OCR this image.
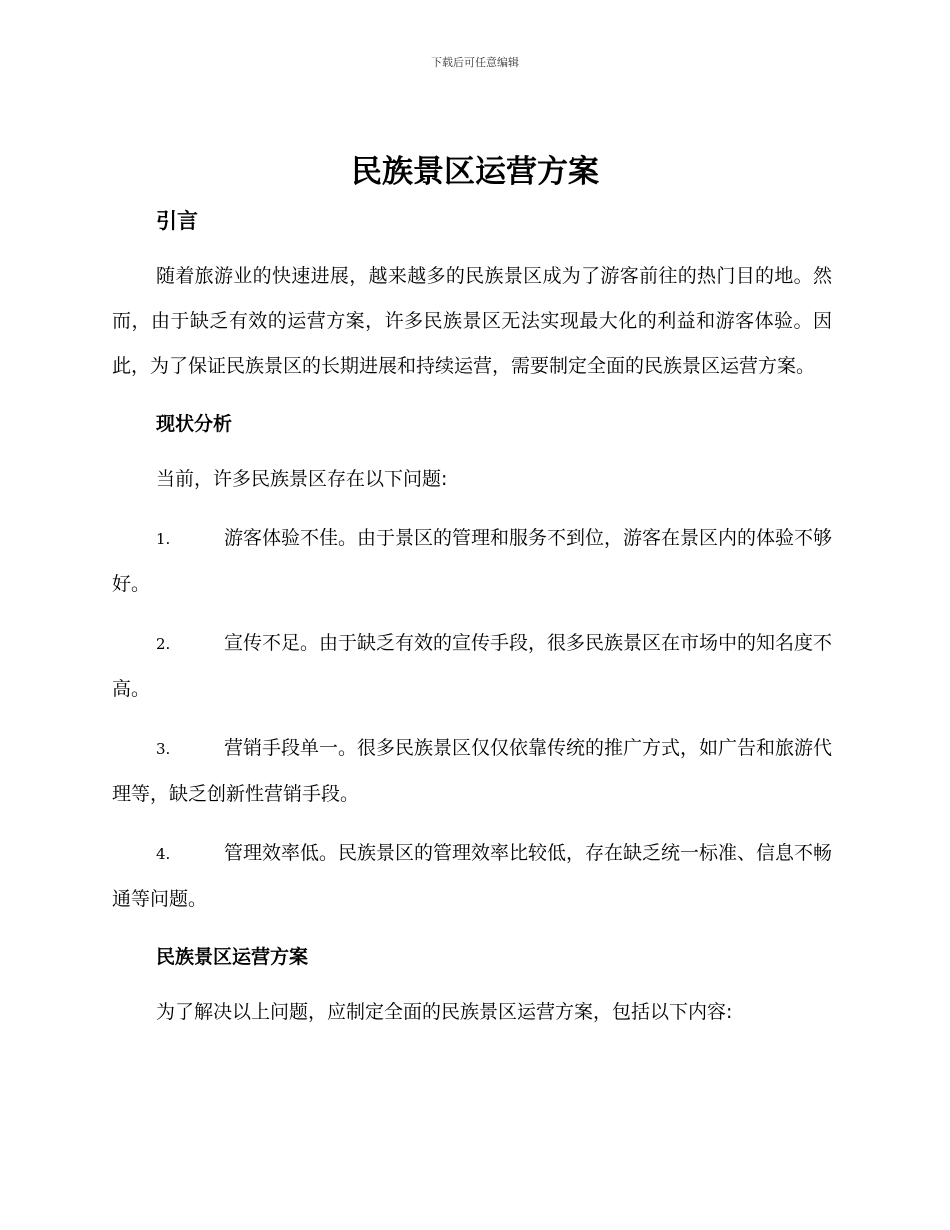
下载后可任意编辑
民族景区运营方案
引言

随着旅游业的快速进展，越来越多的民族景区成为了游客前往的热门目的地。然而，由于缺乏有效的运营方案，许多民族景区无法实现最大化的利益和游客体验。因此，为了保证民族景区的长期进展和持续运营，需要制定全面的民族景区运营方案。

现状分析

当前，许多民族景区存在以下问题:

1.	游客体验不佳。由于景区的管理和服务不到位，游客在景区内的体验不够好。

2.	宣传不足。由于缺乏有效的宣传手段，很多民族景区在市场中的知名度不高。

3.	营销手段单一。很多民族景区仅仅依靠传统的推广方式，如广告和旅游代理等，缺乏创新性营销手段。

4.	管理效率低。民族景区的管理效率比较低，存在缺乏统一标准、信息不畅通等问题。

民族景区运营方案

为了解决以上问题，应制定全面的民族景区运营方案，包括以下内容:
